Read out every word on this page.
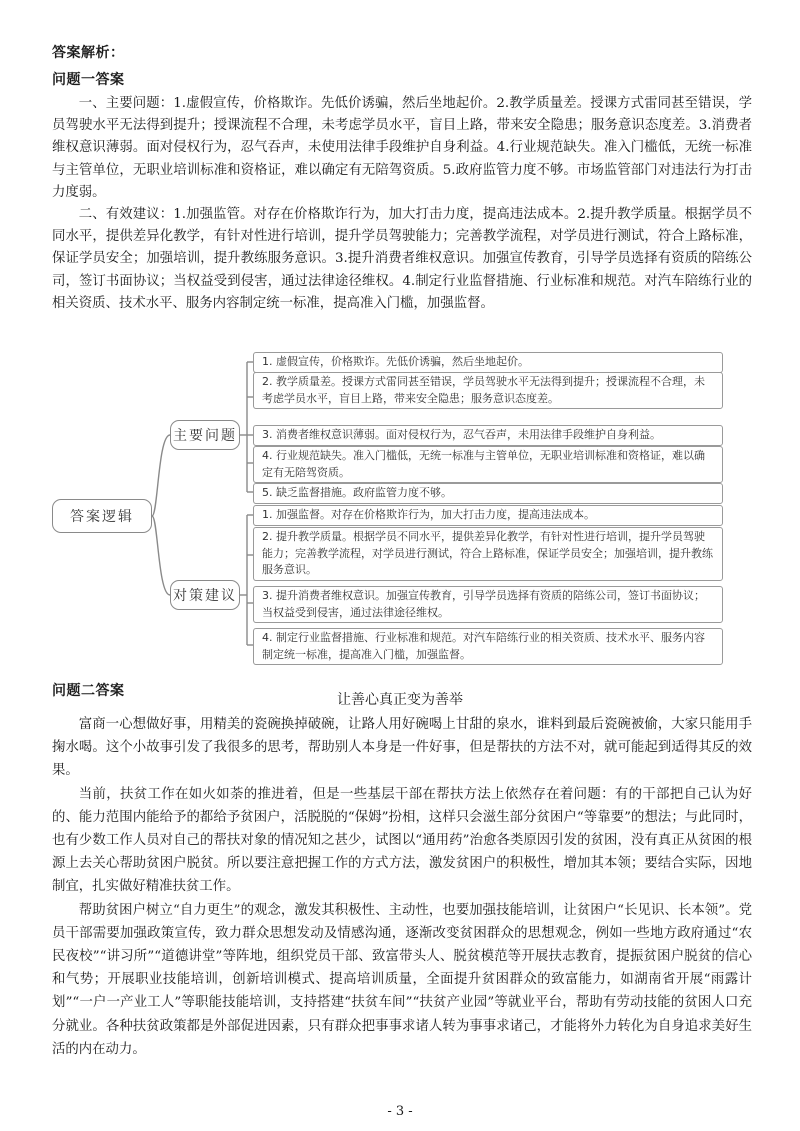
答案解析：
问题一答案

一、主要问题：1.虚假宣传，价格欺诈。先低价诱骗，然后坐地起价。2.教学质量差。授课方式雷同甚至错误，学员驾驶水平无法得到提升；授课流程不合理，未考虑学员水平，盲目上路，带来安全隐患；服务意识态度差。3.消费者维权意识薄弱。面对侵权行为，忍气吞声，未使用法律手段维护自身利益。4.行业规范缺失。准入门槛低，无统一标准与主管单位，无职业培训标准和资格证，难以确定有无陪驾资质。5.政府监管力度不够。市场监管部门对违法行为打击力度弱。

二、有效建议：1.加强监管。对存在价格欺诈行为，加大打击力度，提高违法成本。2.提升教学质量。根据学员不同水平，提供差异化教学，有针对性进行培训，提升学员驾驶能力；完善教学流程，对学员进行测试，符合上路标准，保证学员安全；加强培训，提升教练服务意识。3.提升消费者维权意识。加强宣传教育，引导学员选择有资质的陪练公司，签订书面协议；当权益受到侵害，通过法律途径维权。4.制定行业监督措施、行业标准和规范。对汽车陪练行业的相关资质、技术水平、服务内容制定统一标准，提高准入门槛，加强监督。

答案逻辑
主要问题
对策建议
1. 虚假宣传，价格欺诈。先低价诱骗，然后坐地起价。
2. 教学质量差。授课方式雷同甚至错误，学员驾驶水平无法得到提升；授课流程不合理，未考虑学员水平，盲目上路，带来安全隐患；服务意识态度差。
3. 消费者维权意识薄弱。面对侵权行为，忍气吞声，未用法律手段维护自身利益。
4. 行业规范缺失。准入门槛低，无统一标准与主管单位，无职业培训标准和资格证，难以确定有无陪驾资质。
5. 缺乏监督措施。政府监管力度不够。
1. 加强监督。对存在价格欺诈行为，加大打击力度，提高违法成本。
2. 提升教学质量。根据学员不同水平，提供差异化教学，有针对性进行培训，提升学员驾驶能力；完善教学流程，对学员进行测试，符合上路标准，保证学员安全；加强培训，提升教练服务意识。
3. 提升消费者维权意识。加强宣传教育，引导学员选择有资质的陪练公司，签订书面协议；当权益受到侵害，通过法律途径维权。
4. 制定行业监督措施、行业标准和规范。对汽车陪练行业的相关资质、技术水平、服务内容制定统一标准，提高准入门槛，加强监督。
问题二答案
让善心真正变为善举

富商一心想做好事，用精美的瓷碗换掉破碗，让路人用好碗喝上甘甜的泉水，谁料到最后瓷碗被偷，大家只能用手掬水喝。这个小故事引发了我很多的思考，帮助别人本身是一件好事，但是帮扶的方法不对，就可能起到适得其反的效果。

当前，扶贫工作在如火如荼的推进着，但是一些基层干部在帮扶方法上依然存在着问题：有的干部把自己认为好的、能力范围内能给予的都给予贫困户，活脱脱的“保姆”扮相，这样只会滋生部分贫困户“等靠要”的想法；与此同时，也有少数工作人员对自己的帮扶对象的情况知之甚少，试图以“通用药”治愈各类原因引发的贫困，没有真正从贫困的根源上去关心帮助贫困户脱贫。所以要注意把握工作的方式方法，激发贫困户的积极性，增加其本领；要结合实际，因地制宜，扎实做好精准扶贫工作。

帮助贫困户树立“自力更生”的观念，激发其积极性、主动性，也要加强技能培训，让贫困户“长见识、长本领”。党员干部需要加强政策宣传，致力群众思想发动及情感沟通，逐渐改变贫困群众的思想观念，例如一些地方政府通过“农民夜校”“讲习所”“道德讲堂”等阵地，组织党员干部、致富带头人、脱贫模范等开展扶志教育，提振贫困户脱贫的信心和气势；开展职业技能培训，创新培训模式、提高培训质量，全面提升贫困群众的致富能力，如湖南省开展“雨露计划”“一户一产业工人”等职能技能培训，支持搭建“扶贫车间”“扶贫产业园”等就业平台，帮助有劳动技能的贫困人口充分就业。各种扶贫政策都是外部促进因素，只有群众把事事求诸人转为事事求诸己，才能将外力转化为自身追求美好生活的内在动力。

- 3 -
